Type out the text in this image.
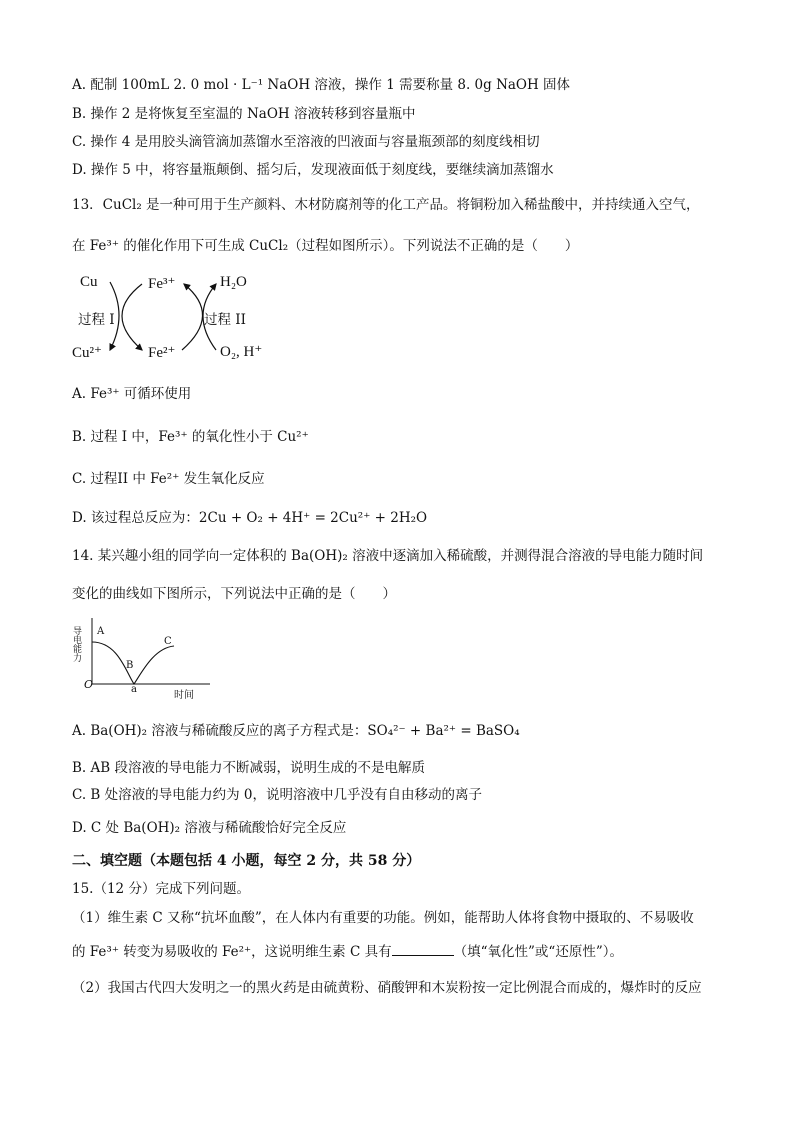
A. 配制 100mL 2. 0 mol · L⁻¹ NaOH 溶液，操作 1 需要称量 8. 0g NaOH 固体
B. 操作 2 是将恢复至室温的 NaOH 溶液转移到容量瓶中
C. 操作 4 是用胶头滴管滴加蒸馏水至溶液的凹液面与容量瓶颈部的刻度线相切
D. 操作 5 中，将容量瓶颠倒、摇匀后，发现液面低于刻度线，要继续滴加蒸馏水
13．CuCl₂ 是一种可用于生产颜料、木材防腐剂等的化工产品。将铜粉加入稀盐酸中，并持续通入空气，
在 Fe³⁺ 的催化作用下可生成 CuCl₂（过程如图所示）。下列说法不正确的是（　　）
Cu
Cu²⁺
Fe³⁺
Fe²⁺
H₂O
O₂, H⁺
过程 I	过程 II
A. Fe³⁺ 可循环使用
B. 过程 I 中，Fe³⁺ 的氧化性小于 Cu²⁺
C. 过程II 中 Fe²⁺ 发生氧化反应
D. 该过程总反应为：2Cu + O₂ + 4H⁺ = 2Cu²⁺ + 2H₂O
14. 某兴趣小组的同学向一定体积的 Ba(OH)₂ 溶液中逐滴加入稀硫酸，并测得混合溶液的导电能力随时间
变化的曲线如下图所示，下列说法中正确的是（　　）
导电能力
时间
O
A
B
C
a
A. Ba(OH)₂ 溶液与稀硫酸反应的离子方程式是：SO₄²⁻ + Ba²⁺ = BaSO₄
B. AB 段溶液的导电能力不断减弱，说明生成的不是电解质
C. B 处溶液的导电能力约为 0，说明溶液中几乎没有自由移动的离子
D. C 处 Ba(OH)₂ 溶液与稀硫酸恰好完全反应
二、填空题（本题包括 4 小题，每空 2 分，共 58 分）
15.（12 分）完成下列问题。
（1）维生素 C 又称“抗坏血酸”，在人体内有重要的功能。例如，能帮助人体将食物中摄取的、不易吸收
的 Fe³⁺ 转变为易吸收的 Fe²⁺，这说明维生素 C 具有	（填“氧化性”或“还原性”）。
（2）我国古代四大发明之一的黑火药是由硫黄粉、硝酸钾和木炭粉按一定比例混合而成的，爆炸时的反应
